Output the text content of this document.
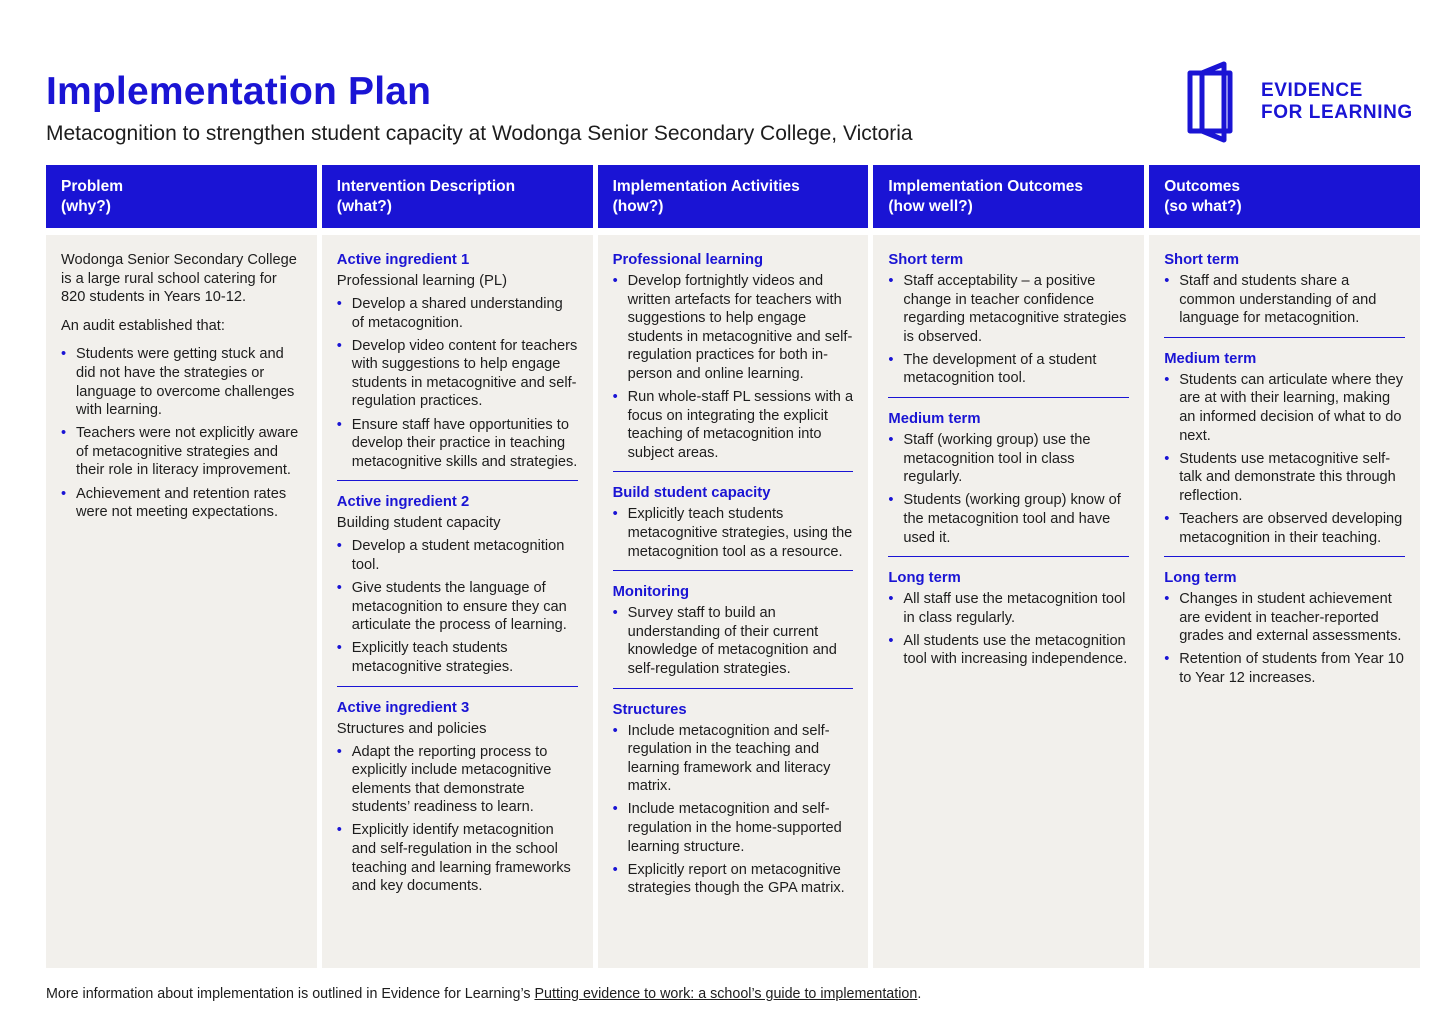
Implementation Plan
Metacognition to strengthen student capacity at Wodonga Senior Secondary College, Victoria
EVIDENCE
FOR LEARNING
Problem
(why?)
Intervention Description
(what?)
Implementation Activities
(how?)
Implementation Outcomes
(how well?)
Outcomes
(so what?)
Wodonga Senior Secondary College is a large rural school catering for 820 students in Years 10-12.
An audit established that:
• Students were getting stuck and did not have the strategies or language to overcome challenges with learning.
• Teachers were not explicitly aware of metacognitive strategies and their role in literacy improvement.
• Achievement and retention rates were not meeting expectations.
Active ingredient 1
Professional learning (PL)
• Develop a shared understanding of metacognition.
• Develop video content for teachers with suggestions to help engage students in metacognitive and self-regulation practices.
• Ensure staff have opportunities to develop their practice in teaching metacognitive skills and strategies.
Active ingredient 2
Building student capacity
• Develop a student metacognition tool.
• Give students the language of metacognition to ensure they can articulate the process of learning.
• Explicitly teach students metacognitive strategies.
Active ingredient 3
Structures and policies
• Adapt the reporting process to explicitly include metacognitive elements that demonstrate students’ readiness to learn.
• Explicitly identify metacognition and self-regulation in the school teaching and learning frameworks and key documents.
Professional learning
• Develop fortnightly videos and written artefacts for teachers with suggestions to help engage students in metacognitive and self-regulation practices for both in-person and online learning.
• Run whole-staff PL sessions with a focus on integrating the explicit teaching of metacognition into subject areas.
Build student capacity
• Explicitly teach students metacognitive strategies, using the metacognition tool as a resource.
Monitoring
• Survey staff to build an understanding of their current knowledge of metacognition and self-regulation strategies.
Structures
• Include metacognition and self-regulation in the teaching and learning framework and literacy matrix.
• Include metacognition and self-regulation in the home-supported learning structure.
• Explicitly report on metacognitive strategies though the GPA matrix.
Short term
• Staff acceptability – a positive change in teacher confidence regarding metacognitive strategies is observed.
• The development of a student metacognition tool.
Medium term
• Staff (working group) use the metacognition tool in class regularly.
• Students (working group) know of the metacognition tool and have used it.
Long term
• All staff use the metacognition tool in class regularly.
• All students use the metacognition tool with increasing independence.
Short term
• Staff and students share a common understanding of and language for metacognition.
Medium term
• Students can articulate where they are at with their learning, making an informed decision of what to do next.
• Students use metacognitive self-talk and demonstrate this through reflection.
• Teachers are observed developing metacognition in their teaching.
Long term
• Changes in student achievement are evident in teacher-reported grades and external assessments.
• Retention of students from Year 10 to Year 12 increases.
More information about implementation is outlined in Evidence for Learning’s Putting evidence to work: a school’s guide to implementation.
